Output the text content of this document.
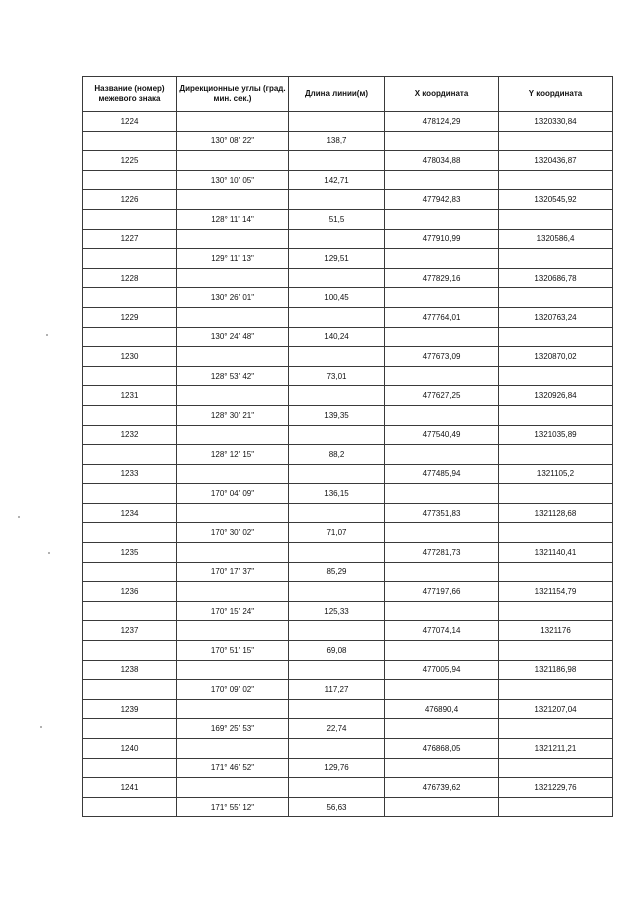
Название (номер) межевого знака	Дирекционные углы (град. мин. сек.)	Длина линии(м)	X координата	Y координата
1224			478124,29	1320330,84
	130° 08' 22"	138,7		
1225			478034,88	1320436,87
	130° 10' 05"	142,71		
1226			477942,83	1320545,92
	128° 11' 14"	51,5		
1227			477910,99	1320586,4
	129° 11' 13"	129,51		
1228			477829,16	1320686,78
	130° 26' 01"	100,45		
1229			477764,01	1320763,24
	130° 24' 48"	140,24		
1230			477673,09	1320870,02
	128° 53' 42"	73,01		
1231			477627,25	1320926,84
	128° 30' 21"	139,35		
1232			477540,49	1321035,89
	128° 12' 15"	88,2		
1233			477485,94	1321105,2
	170° 04' 09"	136,15		
1234			477351,83	1321128,68
	170° 30' 02"	71,07		
1235			477281,73	1321140,41
	170° 17' 37"	85,29		
1236			477197,66	1321154,79
	170° 15' 24"	125,33		
1237			477074,14	1321176
	170° 51' 15"	69,08		
1238			477005,94	1321186,98
	170° 09' 02"	117,27		
1239			476890,4	1321207,04
	169° 25' 53"	22,74		
1240			476868,05	1321211,21
	171° 46' 52"	129,76		
1241			476739,62	1321229,76
	171° 55' 12"	56,63		
